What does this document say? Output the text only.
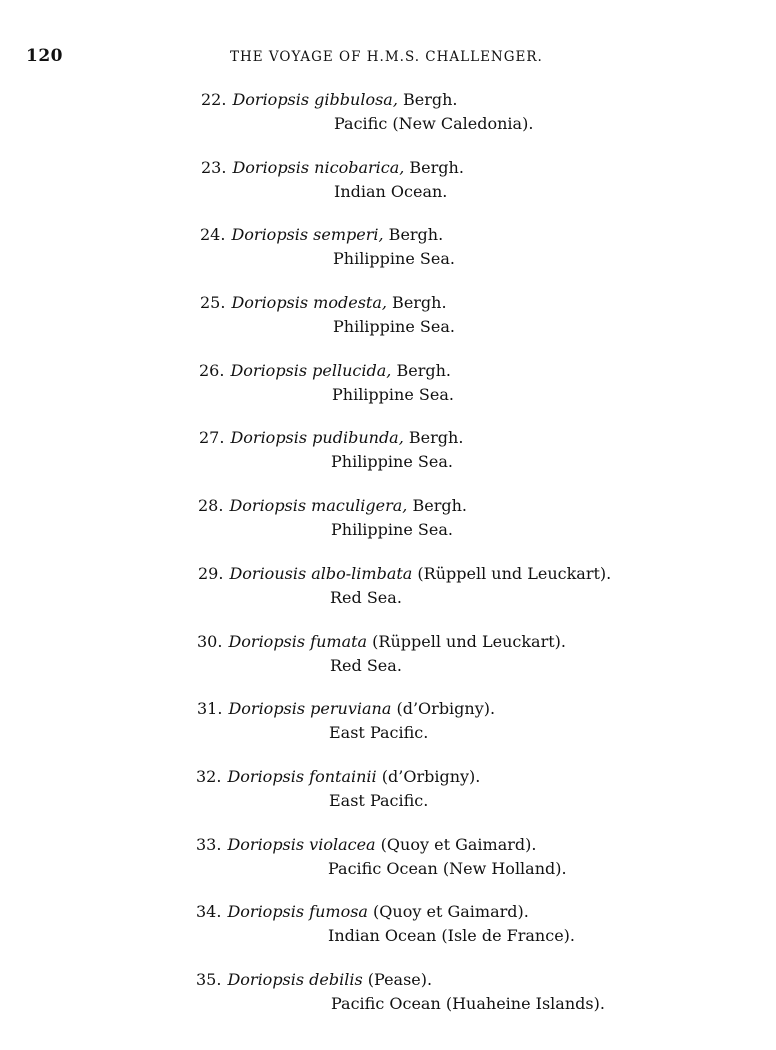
120	THE VOYAGE OF H.M.S. CHALLENGER.
22. Doriopsis gibbulosa, Bergh.
Pacific (New Caledonia).
23. Doriopsis nicobarica, Bergh.
Indian Ocean.
24. Doriopsis semperi, Bergh.
Philippine Sea.
25. Doriopsis modesta, Bergh.
Philippine Sea.
26. Doriopsis pellucida, Bergh.
Philippine Sea.
27. Doriopsis pudibunda, Bergh.
Philippine Sea.
28. Doriopsis maculigera, Bergh.
Philippine Sea.
29. Doriousis albo-limbata (Rüppell und Leuckart).
Red Sea.
30. Doriopsis fumata (Rüppell und Leuckart).
Red Sea.
31. Doriopsis peruviana (d’Orbigny).
East Pacific.
32. Doriopsis fontainii (d’Orbigny).
East Pacific.
33. Doriopsis violacea (Quoy et Gaimard).
Pacific Ocean (New Holland).
34. Doriopsis fumosa (Quoy et Gaimard).
Indian Ocean (Isle de France).
35. Doriopsis debilis (Pease).
Pacific Ocean (Huaheine Islands).
